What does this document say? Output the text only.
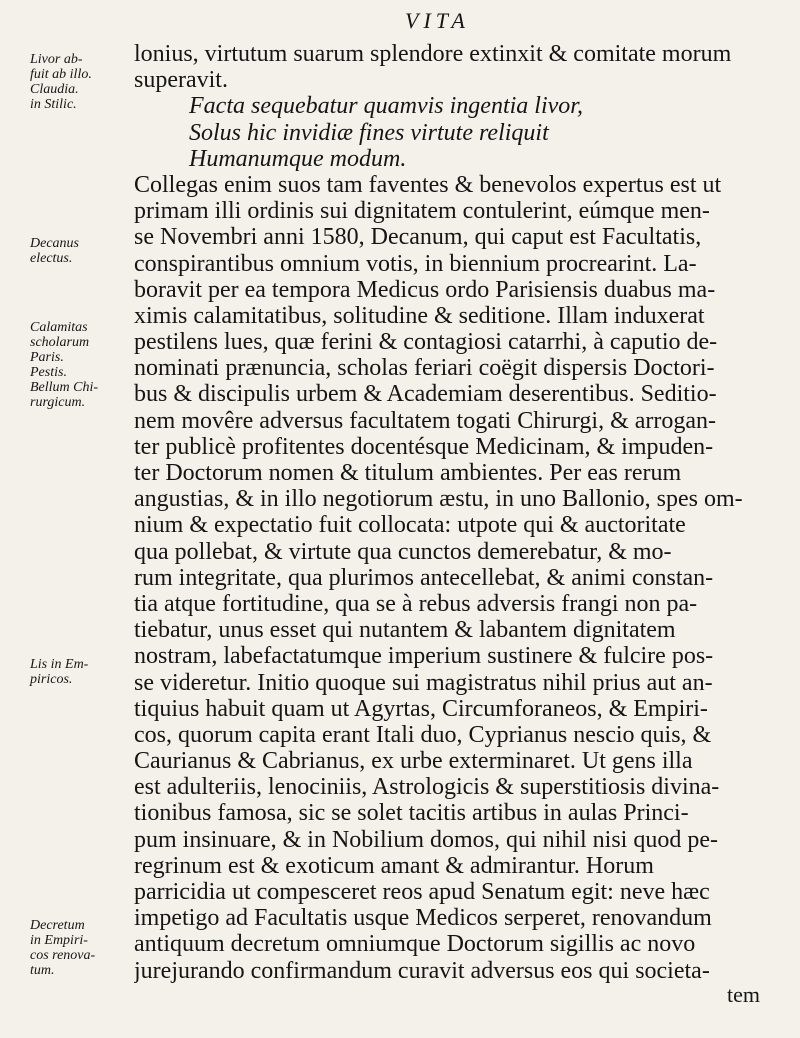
VITA
Livor ab-
fuit ab illo.
Claudia.
in Stilic.
Decanus
electus.
Calamitas
scholarum
Paris.
Pestis.
Bellum Chi-
rurgicum.
Lis in Em-
piricos.
Decretum
in Empiri-
cos renova-
tum.
lonius, virtutum suarum splendore extinxit & comitate morum
superavit.
Facta sequebatur quamvis ingentia livor,
Solus hic invidiæ fines virtute reliquit
Humanumque modum.
Collegas enim suos tam faventes & benevolos expertus est ut
primam illi ordinis sui dignitatem contulerint, eúmque men-
se Novembri anni 1580, Decanum, qui caput est Facultatis,
conspirantibus omnium votis, in biennium procrearint. La-
boravit per ea tempora Medicus ordo Parisiensis duabus ma-
ximis calamitatibus, solitudine & seditione. Illam induxerat
pestilens lues, quæ ferini & contagiosi catarrhi, à caputio de-
nominati prænuncia, scholas feriari coëgit dispersis Doctori-
bus & discipulis urbem & Academiam deserentibus. Seditio-
nem movêre adversus facultatem togati Chirurgi, & arrogan-
ter publicè profitentes docentésque Medicinam, & impuden-
ter Doctorum nomen & titulum ambientes. Per eas rerum
angustias, & in illo negotiorum æstu, in uno Ballonio, spes om-
nium & expectatio fuit collocata: utpote qui & auctoritate
qua pollebat, & virtute qua cunctos demerebatur, & mo-
rum integritate, qua plurimos antecellebat, & animi constan-
tia atque fortitudine, qua se à rebus adversis frangi non pa-
tiebatur, unus esset qui nutantem & labantem dignitatem
nostram, labefactatumque imperium sustinere & fulcire pos-
se videretur. Initio quoque sui magistratus nihil prius aut an-
tiquius habuit quam ut Agyrtas, Circumforaneos, & Empiri-
cos, quorum capita erant Itali duo, Cyprianus nescio quis, &
Caurianus & Cabrianus, ex urbe exterminaret. Ut gens illa
est adulteriis, lenociniis, Astrologicis & superstitiosis divina-
tionibus famosa, sic se solet tacitis artibus in aulas Princi-
pum insinuare, & in Nobilium domos, qui nihil nisi quod pe-
regrinum est & exoticum amant & admirantur. Horum
parricidia ut compesceret reos apud Senatum egit: neve hæc
impetigo ad Facultatis usque Medicos serperet, renovandum
antiquum decretum omniumque Doctorum sigillis ac novo
jurejurando confirmandum curavit adversus eos qui societa-
tem
